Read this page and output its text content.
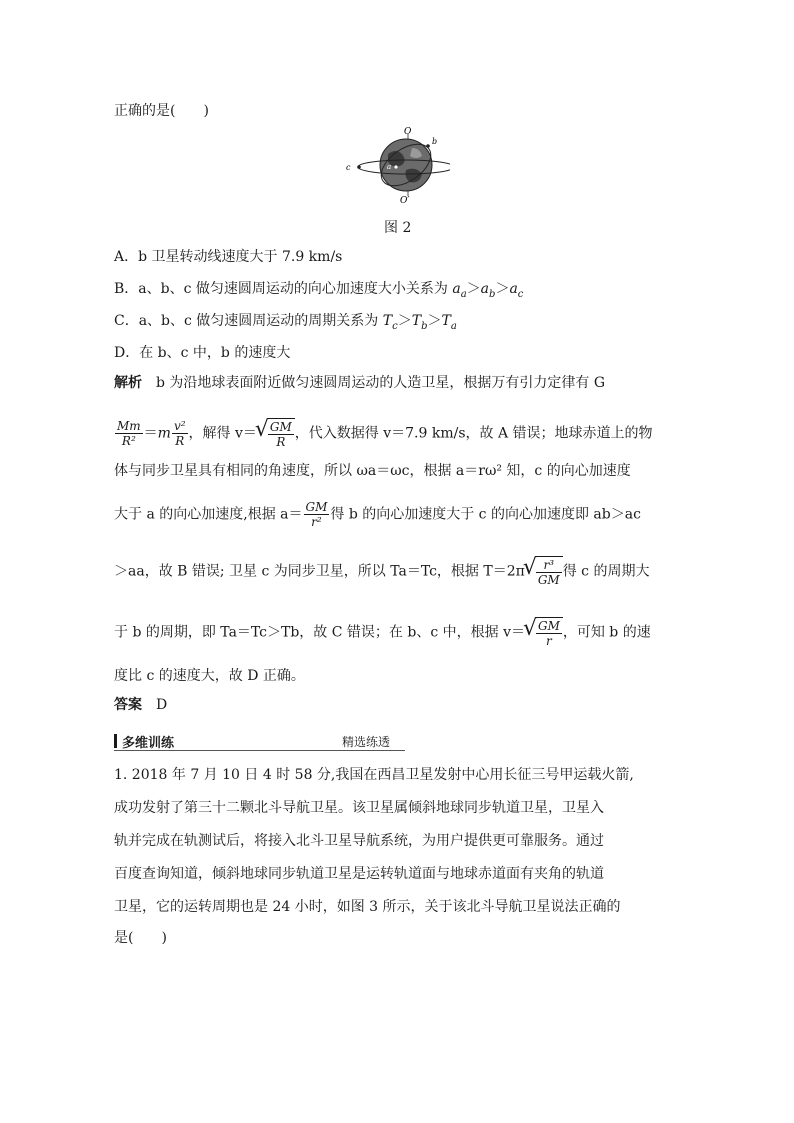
正确的是(　　)
O
O′
b
c	a
图 2
A．b 卫星转动线速度大于 7.9 km/s
B．a、b、c 做匀速圆周运动的向心加速度大小关系为 $a_a>a_b>a_c$
C．a、b、c 做匀速圆周运动的周期关系为 $T_c>T_b>T_a$
D．在 b、c 中，b 的速度大
解析　 b 为沿地球表面附近做匀速圆周运动的人造卫星，根据万有引力定律有 G
$\frac{Mm}{\text{R²}} =m \frac{\text{v²}}{R}$ ，解得 v＝ √ $\frac{GM}{R}$ ，代入数据得 v＝7.9 km/s，故 A 错误；地球赤道上的物
体与同步卫星具有相同的角速度，所以 ωa＝ωc，根据 a＝rω² 知，c 的向心加速度
大于 a 的向心加速度,根据 $a= \frac{GM}{\text{r²}}$ 得 b 的向心加速度大于 c 的向心加速度即 ab＞ac
＞aa，故 B 错误; 卫星 c 为同步卫星，所以 Ta＝Tc，根据 T＝2π √ $\frac{\text{r³}}{GM}$ 得 c 的周期大
于 b 的周期，即 Ta＝Tc＞Tb，故 C 错误；在 b、c 中，根据 v＝ √ $\frac{GM}{r}$ ，可知 b 的速
度比 c 的速度大，故 D 正确。
答案　 D
多维训练	精选练透
1. 2018 年 7 月 10 日 4 时 58 分,我国在西昌卫星发射中心用长征三号甲运载火箭,
成功发射了第三十二颗北斗导航卫星。该卫星属倾斜地球同步轨道卫星，卫星入
轨并完成在轨测试后，将接入北斗卫星导航系统，为用户提供更可靠服务。通过
百度查询知道，倾斜地球同步轨道卫星是运转轨道面与地球赤道面有夹角的轨道
卫星，它的运转周期也是 24 小时，如图 3 所示，关于该北斗导航卫星说法正确的
是(　　)
